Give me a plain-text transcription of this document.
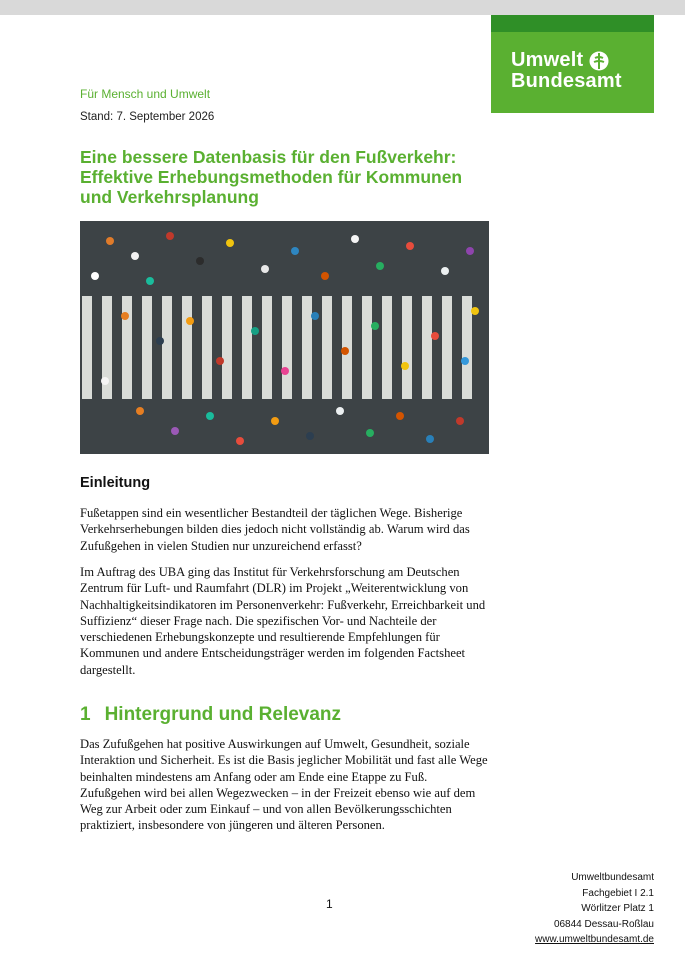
Umwelt
Bundesamt
Für Mensch und Umwelt
Stand: 7. September 2026
Eine bessere Datenbasis für den Fußverkehr:
Effektive Erhebungsmethoden für Kommunen
und Verkehrsplanung
Einleitung

Fußetappen sind ein wesentlicher Bestandteil der täglichen Wege. Bisherige Verkehrserhebungen bilden dies jedoch nicht vollständig ab. Warum wird das Zufußgehen in vielen Studien nur unzureichend erfasst?

Im Auftrag des UBA ging das Institut für Verkehrsforschung am Deutschen Zentrum für Luft- und Raumfahrt (DLR) im Projekt „Weiterentwicklung von Nachhaltigkeitsindikatoren im Personenverkehr: Fußverkehr, Erreichbarkeit und Suffizienz“ dieser Frage nach. Die spezifischen Vor- und Nachteile der verschiedenen Erhebungskonzepte und resultierende Empfehlungen für Kommunen und andere Entscheidungsträger werden im folgenden Factsheet dargestellt.

1 Hintergrund und Relevanz

Das Zufußgehen hat positive Auswirkungen auf Umwelt, Gesundheit, soziale Interaktion und Sicherheit. Es ist die Basis jeglicher Mobilität und fast alle Wege beinhalten mindestens am Anfang oder am Ende eine Etappe zu Fuß. Zufußgehen wird bei allen Wegezwecken – in der Freizeit ebenso wie auf dem Weg zur Arbeit oder zum Einkauf – und von allen Bevölkerungsschichten praktiziert, insbesondere von jüngeren und älteren Personen.

1
Umweltbundesamt
Fachgebiet I 2.1
Wörlitzer Platz 1
06844 Dessau-Roßlau
www.umweltbundesamt.de
